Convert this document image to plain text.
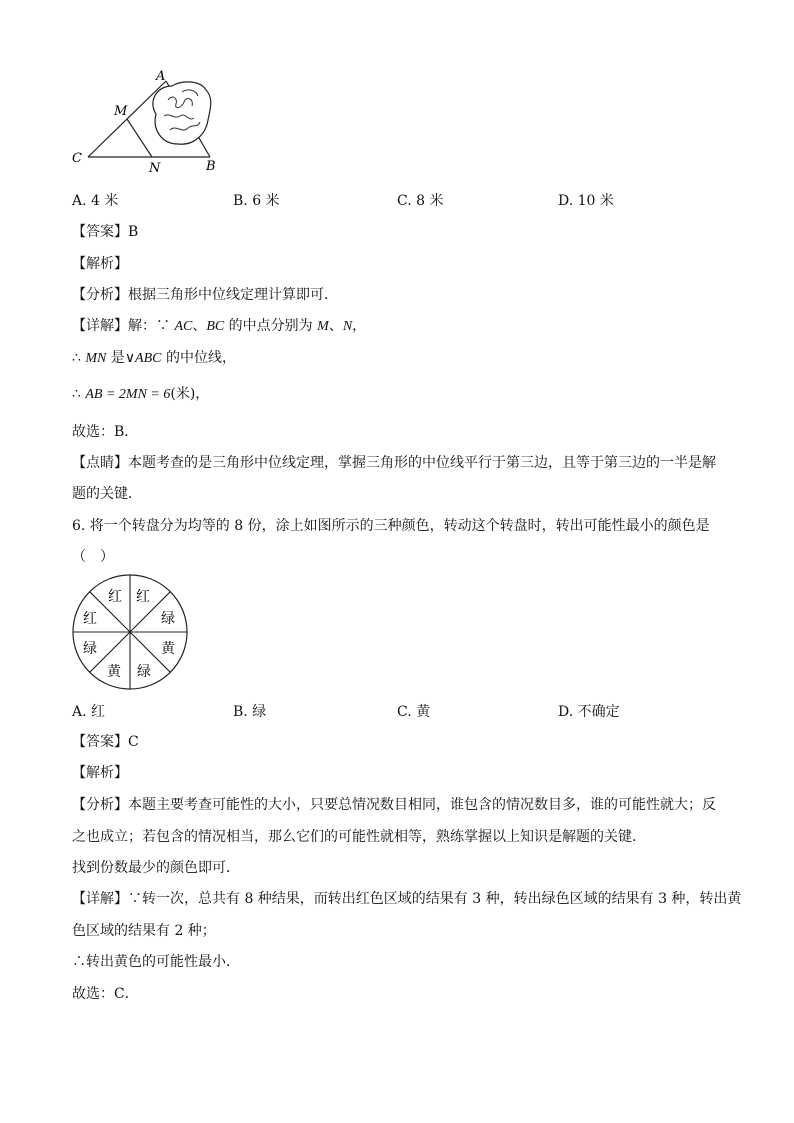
A
M
C
N	B
A. 4 米	B. 6 米	C. 8 米	D. 10 米
【答案】B
【解析】
【分析】根据三角形中位线定理计算即可．
【详解】解：∵ AC、BC 的中点分别为 M、N，
∴ MN 是∨ABC 的中位线，
∴ AB = 2MN = 6(米)，
故选：B．
【点睛】本题考查的是三角形中位线定理，掌握三角形的中位线平行于第三边，且等于第三边的一半是解
题的关键．
6. 将一个转盘分为均等的 8 份，涂上如图所示的三种颜色，转动这个转盘时，转出可能性最小的颜色是
（　）
红 红
绿
黄
绿
黄
绿
红
A. 红	B. 绿	C. 黄	D. 不确定
【答案】C
【解析】
【分析】本题主要考查可能性的大小，只要总情况数目相同，谁包含的情况数目多，谁的可能性就大；反
之也成立；若包含的情况相当，那么它们的可能性就相等，熟练掌握以上知识是解题的关键．
找到份数最少的颜色即可．
【详解】∵转一次，总共有 8 种结果，而转出红色区域的结果有 3 种，转出绿色区域的结果有 3 种，转出黄
色区域的结果有 2 种；
∴转出黄色的可能性最小．
故选：C．
